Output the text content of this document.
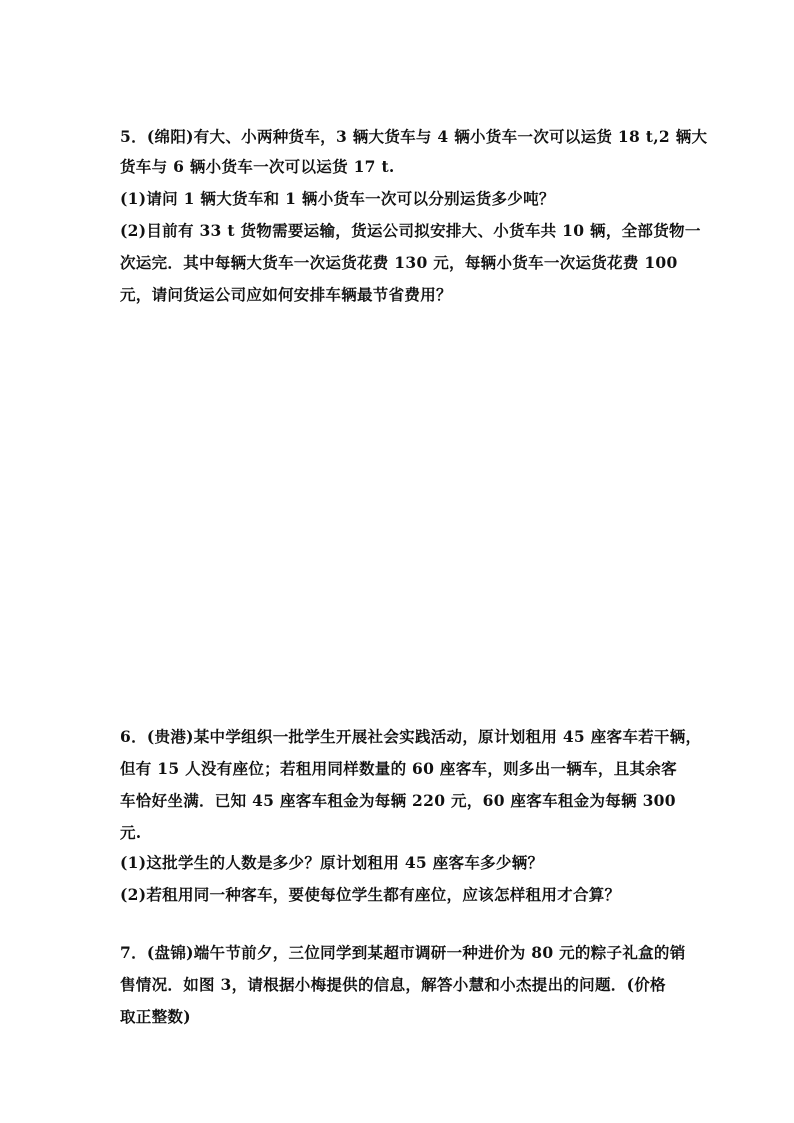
5．(绵阳)有大、小两种货车，3 辆大货车与 4 辆小货车一次可以运货 18 t,2 辆大
货车与 6 辆小货车一次可以运货 17 t.
(1)请问 1 辆大货车和 1 辆小货车一次可以分别运货多少吨？
(2)目前有 33 t 货物需要运输，货运公司拟安排大、小货车共 10 辆，全部货物一
次运完．其中每辆大货车一次运货花费 130 元，每辆小货车一次运货花费 100
元，请问货运公司应如何安排车辆最节省费用？
6．(贵港)某中学组织一批学生开展社会实践活动，原计划租用 45 座客车若干辆，
但有 15 人没有座位；若租用同样数量的 60 座客车，则多出一辆车，且其余客
车恰好坐满．已知 45 座客车租金为每辆 220 元，60 座客车租金为每辆 300
元.
(1)这批学生的人数是多少？原计划租用 45 座客车多少辆？
(2)若租用同一种客车，要使每位学生都有座位，应该怎样租用才合算？
7．(盘锦)端午节前夕，三位同学到某超市调研一种进价为 80 元的粽子礼盒的销
售情况．如图 3，请根据小梅提供的信息，解答小慧和小杰提出的问题．(价格
取正整数)
